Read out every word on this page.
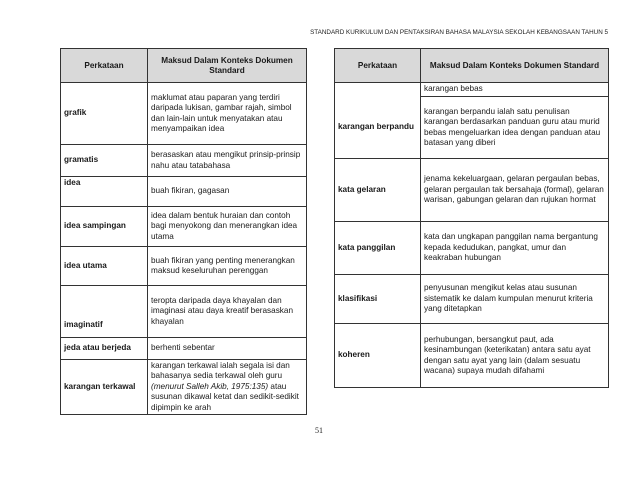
STANDARD KURIKULUM DAN PENTAKSIRAN BAHASA MALAYSIA SEKOLAH KEBANGSAAN TAHUN 5
Perkataan	Maksud Dalam Konteks Dokumen Standard
grafik	maklumat atau paparan yang terdiri daripada lukisan, gambar rajah, simbol dan lain-lain untuk menyatakan atau menyampaikan idea
gramatis	berasaskan atau mengikut prinsip-prinsip nahu atau tatabahasa
idea	buah fikiran, gagasan
idea sampingan	idea dalam bentuk huraian dan contoh bagi menyokong dan menerangkan idea utama
idea utama	buah fikiran yang penting menerangkan maksud keseluruhan perenggan
imaginatif	teropta daripada daya khayalan dan imaginasi atau daya kreatif berasaskan khayalan
jeda atau berjeda	berhenti sebentar
karangan terkawal	karangan terkawal ialah segala isi dan bahasanya sedia terkawal oleh guru (menurut Salleh Akib, 1975:135) atau susunan dikawal ketat dan sedikit-sedikit dipimpin ke arah
Perkataan	Maksud Dalam Konteks Dokumen Standard
	karangan bebas
karangan berpandu	karangan berpandu ialah satu penulisan karangan berdasarkan panduan guru atau murid bebas mengeluarkan idea dengan panduan atau batasan yang diberi
kata gelaran	jenama kekeluargaan, gelaran pergaulan bebas, gelaran pergaulan tak bersahaja (formal), gelaran warisan, gabungan gelaran dan rujukan hormat
kata panggilan	kata dan ungkapan panggilan nama bergantung kepada kedudukan, pangkat, umur dan keakraban hubungan
klasifikasi	penyusunan mengikut kelas atau susunan sistematik ke dalam kumpulan menurut kriteria yang ditetapkan
koheren	perhubungan, bersangkut paut, ada kesinambungan (keterikatan) antara satu ayat dengan satu ayat yang lain (dalam sesuatu wacana) supaya mudah difahami
51
